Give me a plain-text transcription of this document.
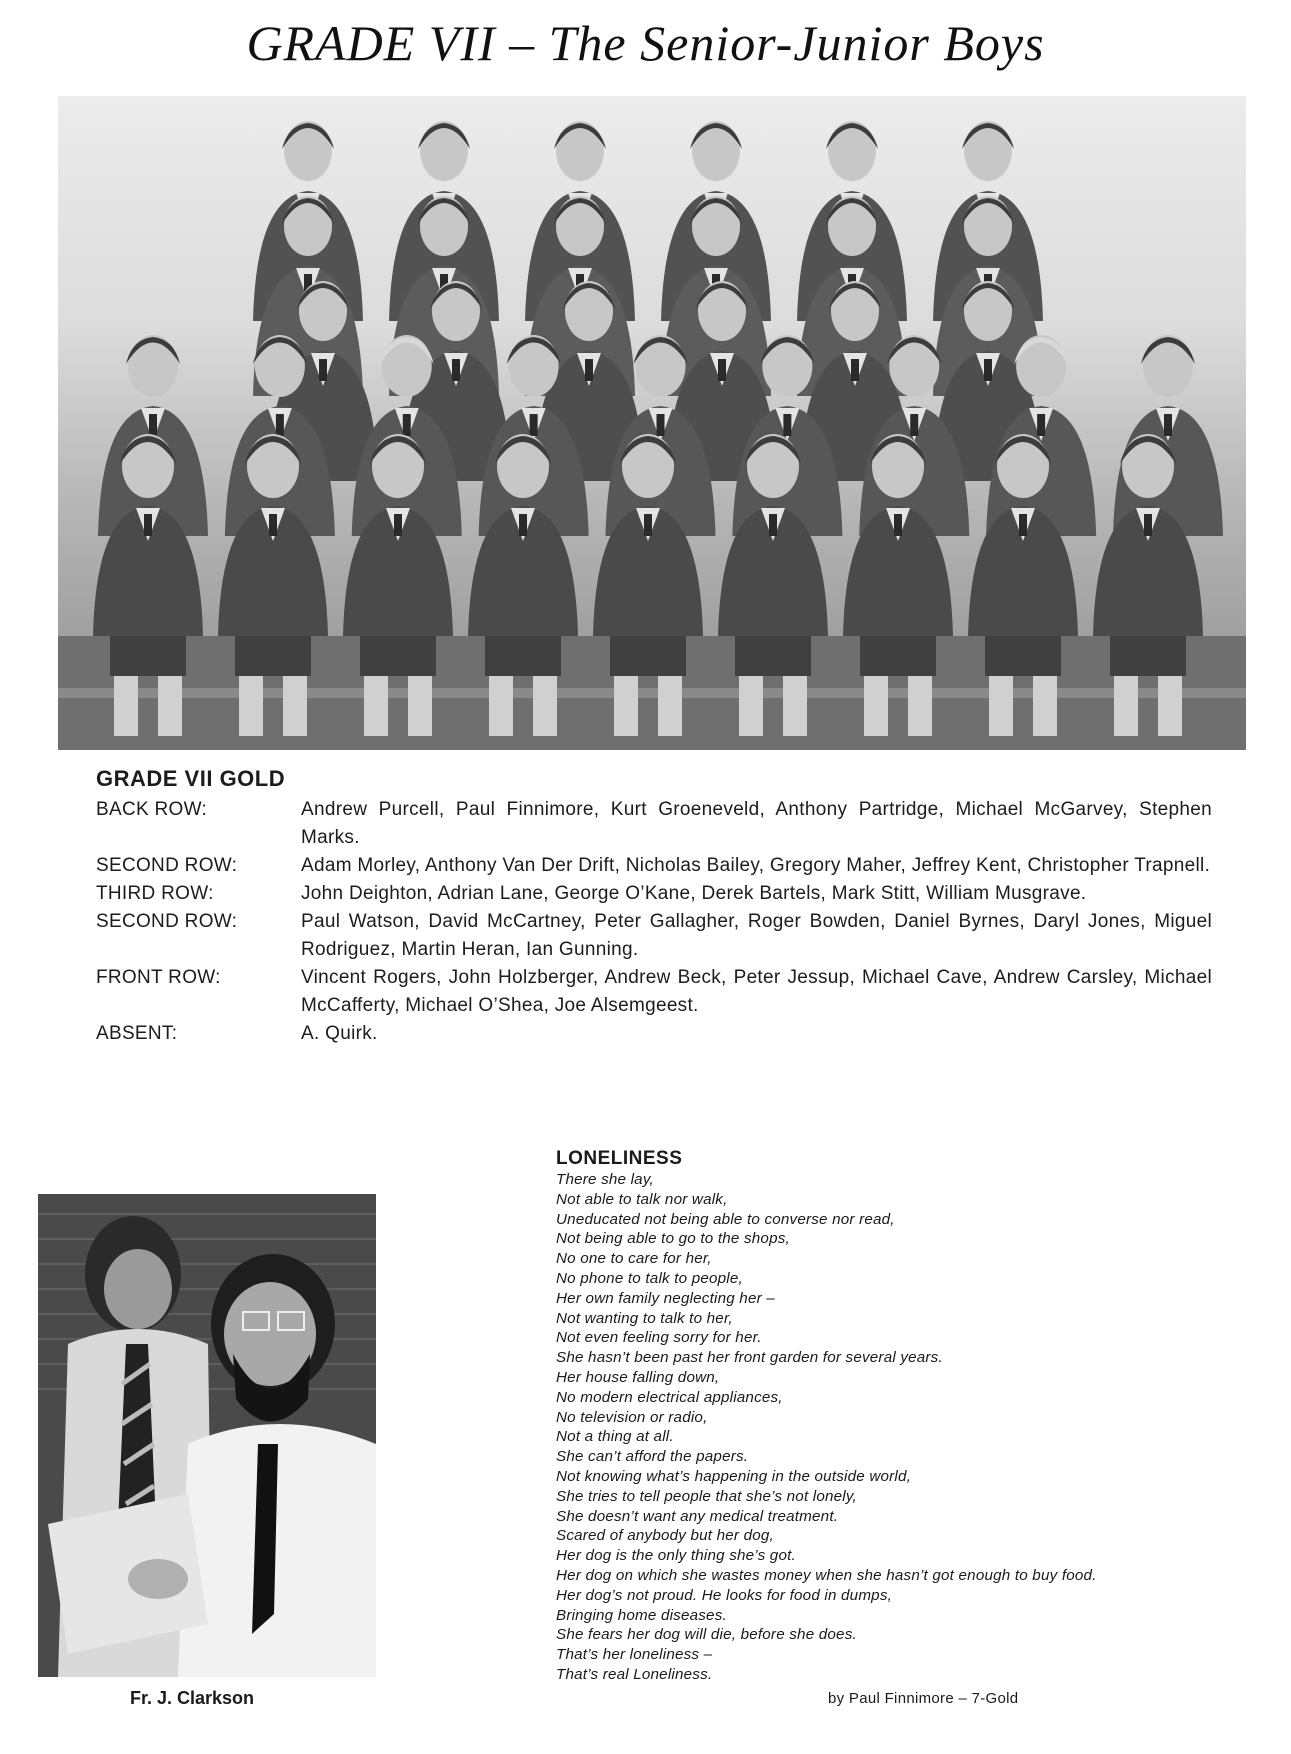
GRADE VII – The Senior-Junior Boys
GRADE VII GOLD
BACK ROW:	Andrew Purcell, Paul Finnimore, Kurt Groeneveld, Anthony Partridge, Michael McGarvey, Stephen Marks.
SECOND ROW:	Adam Morley, Anthony Van Der Drift, Nicholas Bailey, Gregory Maher, Jeffrey Kent, Christopher Trapnell.
THIRD ROW:	John Deighton, Adrian Lane, George O’Kane, Derek Bartels, Mark Stitt, William Musgrave.
SECOND ROW:	Paul Watson, David McCartney, Peter Gallagher, Roger Bowden, Daniel Byrnes, Daryl Jones, Miguel Rodriguez, Martin Heran, Ian Gunning.
FRONT ROW:	Vincent Rogers, John Holzberger, Andrew Beck, Peter Jessup, Michael Cave, Andrew Carsley, Michael McCafferty, Michael O’Shea, Joe Alsemgeest.
ABSENT:	A. Quirk.
Fr. J. Clarkson
LONELINESS
There she lay,
Not able to talk nor walk,
Uneducated not being able to converse nor read,
Not being able to go to the shops,
No one to care for her,
No phone to talk to people,
Her own family neglecting her –
Not wanting to talk to her,
Not even feeling sorry for her.
She hasn’t been past her front garden for several years.
Her house falling down,
No modern electrical appliances,
No television or radio,
Not a thing at all.
She can’t afford the papers.
Not knowing what’s happening in the outside world,
She tries to tell people that she’s not lonely,
She doesn’t want any medical treatment.
Scared of anybody but her dog,
Her dog is the only thing she’s got.
Her dog on which she wastes money when she hasn’t got enough to buy food.
Her dog’s not proud. He looks for food in dumps,
Bringing home diseases.
She fears her dog will die, before she does.
That’s her loneliness –
That’s real Loneliness.
by Paul Finnimore – 7-Gold
